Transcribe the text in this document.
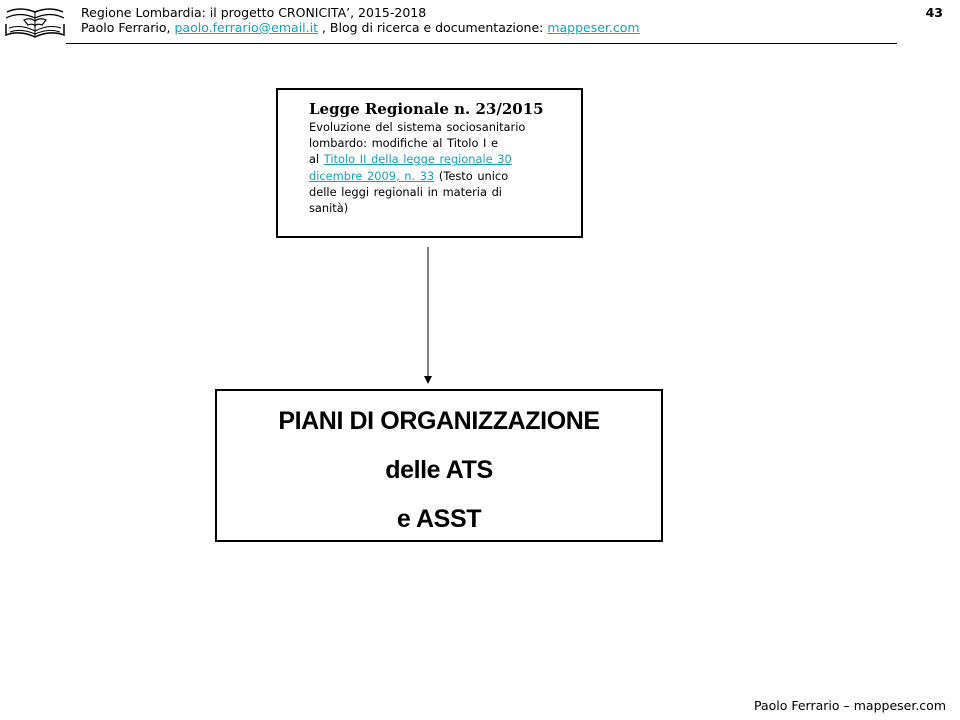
Regione Lombardia: il progetto CRONICITA’, 2015-2018
Paolo Ferrario, paolo.ferrario@email.it , Blog di ricerca e documentazione: mappeser.com
43
Legge Regionale n. 23/2015
Evoluzione del sistema sociosanitario
lombardo: modifiche al Titolo I e
al Titolo II della legge regionale 30
dicembre 2009, n. 33 (Testo unico
delle leggi regionali in materia di
sanità)
PIANI DI ORGANIZZAZIONE
delle ATS
e ASST
Paolo Ferrario – mappeser.com
